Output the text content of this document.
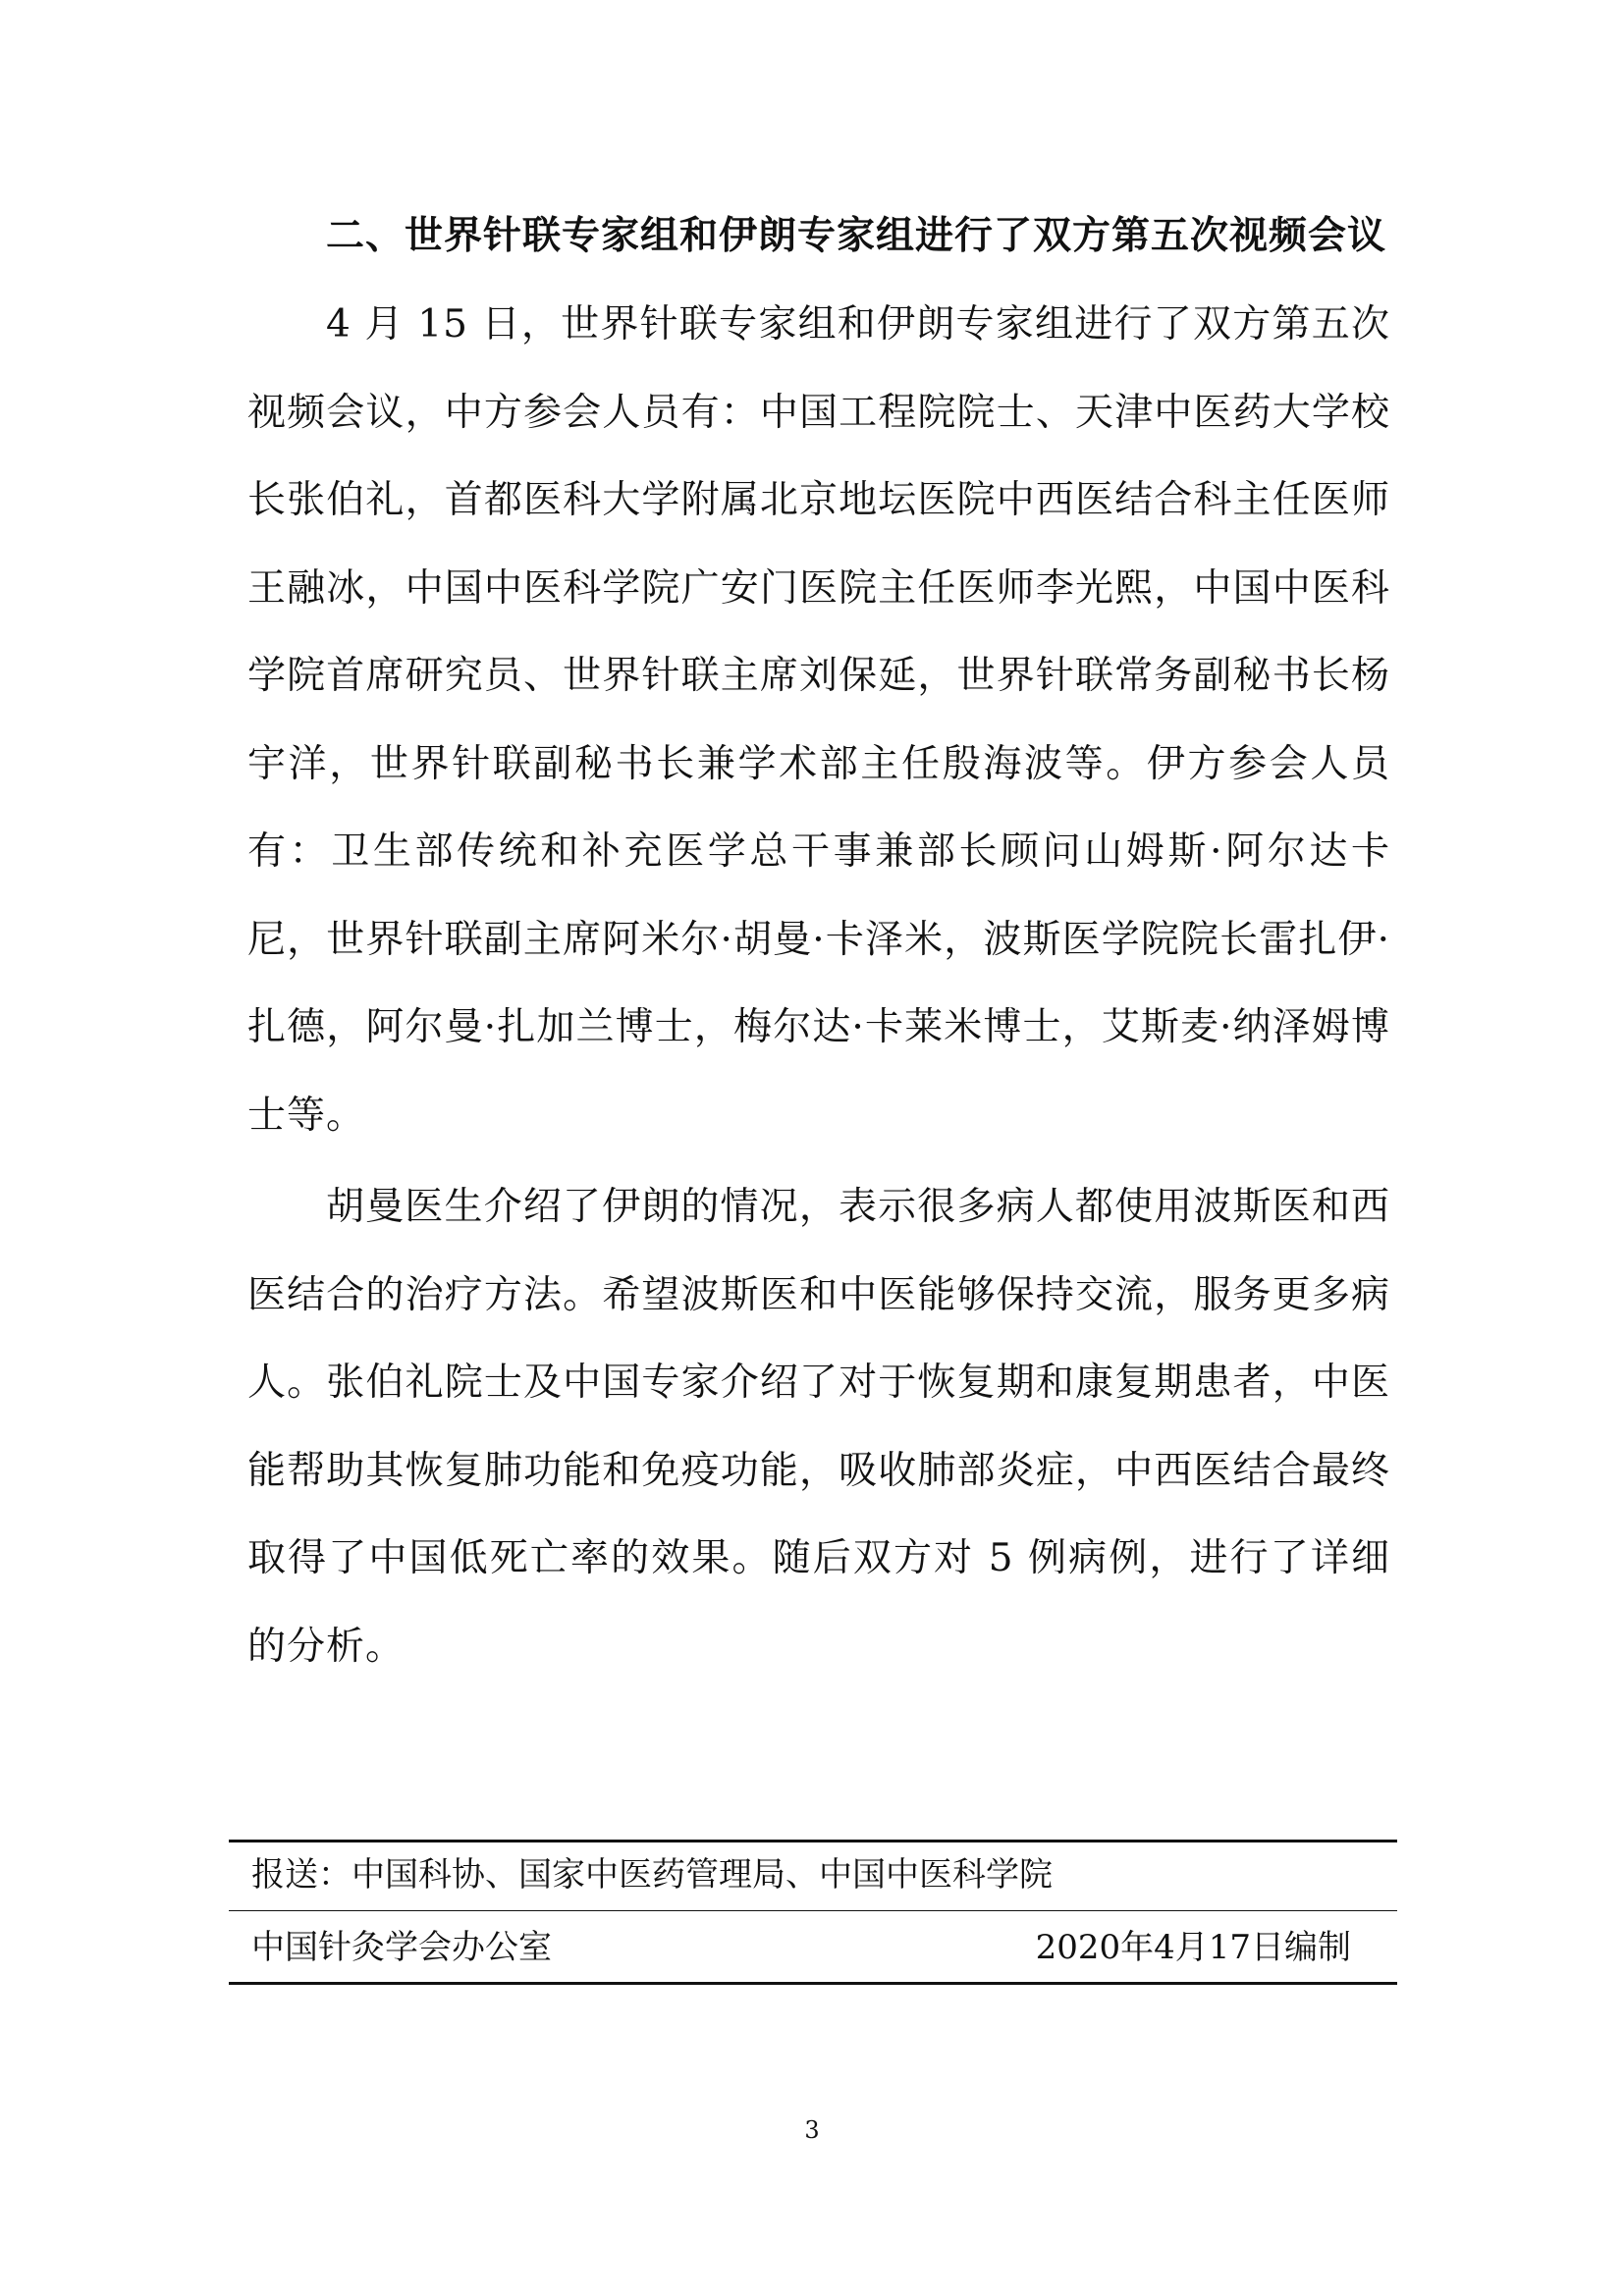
二、世界针联专家组和伊朗专家组进行了双方第五次视频会议

4 月 15 日，世界针联专家组和伊朗专家组进行了双方第五次视频会议，中方参会人员有：中国工程院院士、天津中医药大学校长张伯礼，首都医科大学附属北京地坛医院中西医结合科主任医师王融冰，中国中医科学院广安门医院主任医师李光熙，中国中医科学院首席研究员、世界针联主席刘保延，世界针联常务副秘书长杨宇洋，世界针联副秘书长兼学术部主任殷海波等。伊方参会人员有：卫生部传统和补充医学总干事兼部长顾问山姆斯·阿尔达卡尼，世界针联副主席阿米尔·胡曼·卡泽米，波斯医学院院长雷扎伊·扎德，阿尔曼·扎加兰博士，梅尔达·卡莱米博士，艾斯麦·纳泽姆博士等。

胡曼医生介绍了伊朗的情况，表示很多病人都使用波斯医和西医结合的治疗方法。希望波斯医和中医能够保持交流，服务更多病人。张伯礼院士及中国专家介绍了对于恢复期和康复期患者，中医能帮助其恢复肺功能和免疫功能，吸收肺部炎症，中西医结合最终取得了中国低死亡率的效果。随后双方对 5 例病例，进行了详细的分析。

报送：中国科协、国家中医药管理局、中国中医科学院
中国针灸学会办公室	2020年4月17日编制
3
